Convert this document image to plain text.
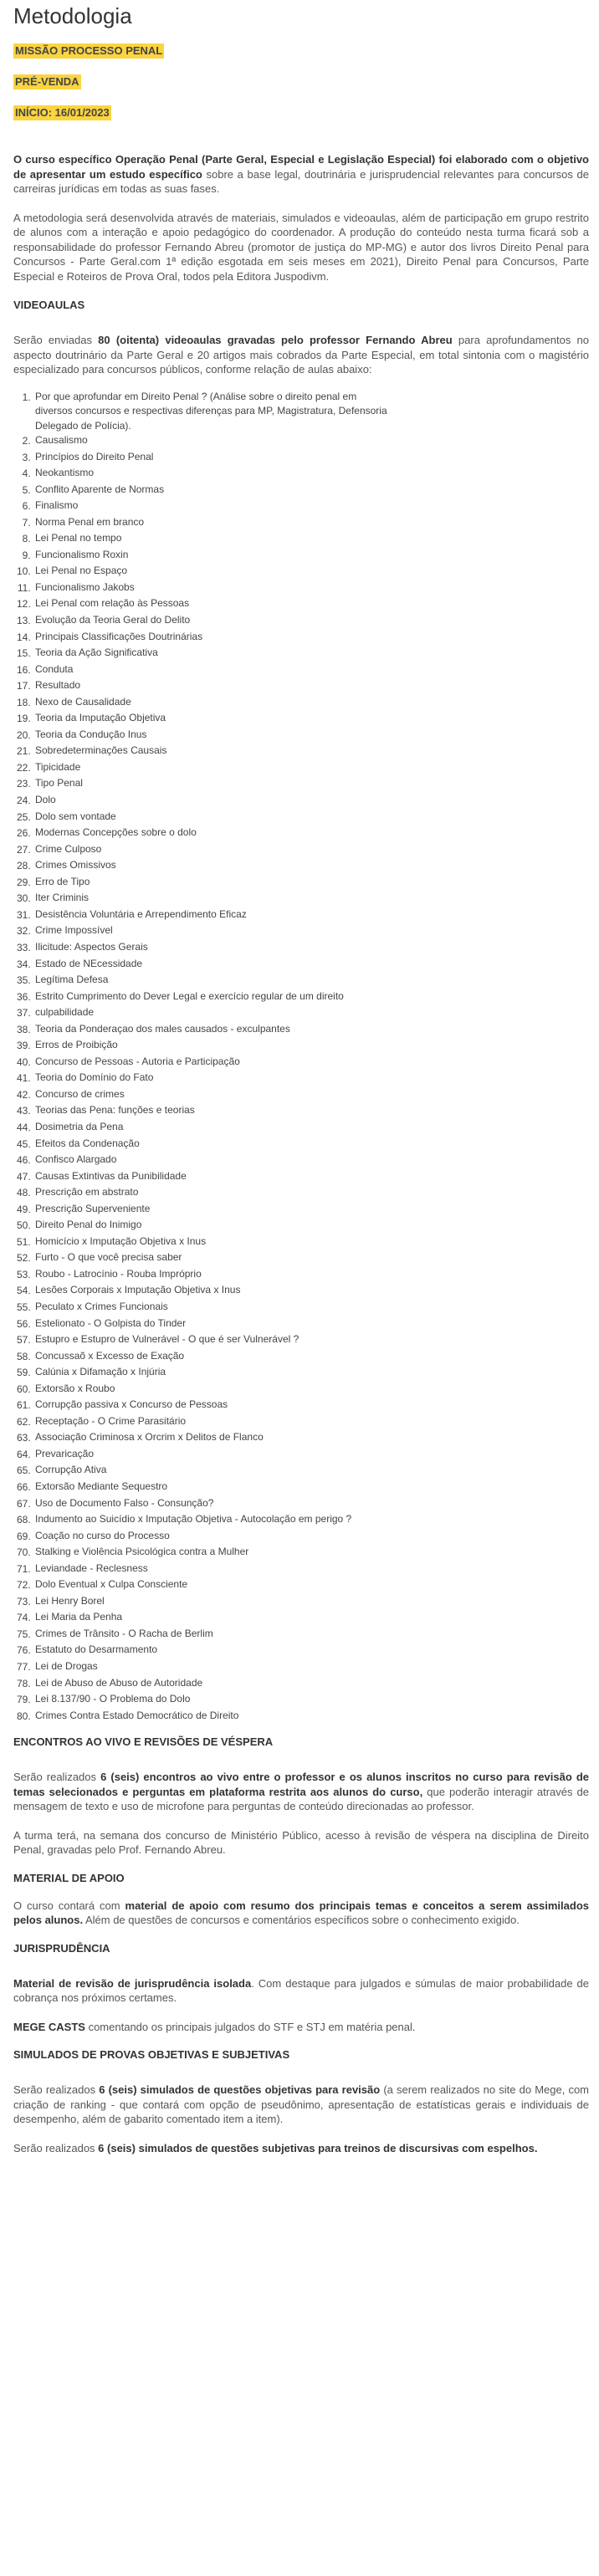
Metodologia
MISSÃO PROCESSO PENAL
PRÉ-VENDA
INÍCIO: 16/01/2023

O curso específico Operação Penal (Parte Geral, Especial e Legislação Especial) foi elaborado com o objetivo de apresentar um estudo específico sobre a base legal, doutrinária e jurisprudencial relevantes para concursos de carreiras jurídicas em todas as suas fases.

A metodologia será desenvolvida através de materiais, simulados e videoaulas, além de participação em grupo restrito de alunos com a interação e apoio pedagógico do coordenador. A produção do conteúdo nesta turma ficará sob a responsabilidade do professor Fernando Abreu (promotor de justiça do MP-MG) e autor dos livros Direito Penal para Concursos - Parte Geral.com 1ª edição esgotada em seis meses em 2021), Direito Penal para Concursos, Parte Especial e Roteiros de Prova Oral, todos pela Editora Juspodivm.

VIDEOAULAS

Serão enviadas 80 (oitenta) videoaulas gravadas pelo professor Fernando Abreu para aprofundamentos no aspecto doutrinário da Parte Geral e 20 artigos mais cobrados da Parte Especial, em total sintonia com o magistério especializado para concursos públicos, conforme relação de aulas abaixo:

1. Por que aprofundar em Direito Penal ? (Análise sobre o direito penal em diversos concursos e respectivas diferenças para MP, Magistratura, Defensoria Delegado de Polícia).
2. Causalismo
3. Princípios do Direito Penal
4. Neokantismo
5. Conflito Aparente de Normas
6. Finalismo
7. Norma Penal em branco
8. Lei Penal no tempo
9. Funcionalismo Roxin
10. Lei Penal no Espaço
11. Funcionalismo Jakobs
12. Lei Penal com relação às Pessoas
13. Evolução da Teoria Geral do Delito
14. Principais Classificações Doutrinárias
15. Teoria da Ação Significativa
16. Conduta
17. Resultado
18. Nexo de Causalidade
19. Teoria da Imputação Objetiva
20. Teoria da Condução Inus
21. Sobredeterminações Causais
22. Tipicidade
23. Tipo Penal
24. Dolo
25. Dolo sem vontade
26. Modernas Concepções sobre o dolo
27. Crime Culposo
28. Crimes Omissivos
29. Erro de Tipo
30. Iter Criminis
31. Desistência Voluntária e Arrependimento Eficaz
32. Crime Impossível
33. Ilicitude: Aspectos Gerais
34. Estado de NEcessidade
35. Legítima Defesa
36. Estrito Cumprimento do Dever Legal e exercício regular de um direito
37. culpabilidade
38. Teoria da Ponderaçao dos males causados - exculpantes
39. Erros de Proibição
40. Concurso de Pessoas - Autoria e Participação
41. Teoria do Domínio do Fato
42. Concurso de crimes
43. Teorias das Pena: funções e teorias
44. Dosimetria da Pena
45. Efeitos da Condenação
46. Confisco Alargado
47. Causas Extintivas da Punibilidade
48. Prescrição em abstrato
49. Prescrição Superveniente
50. Direito Penal do Inimigo
51. Homicício x Imputação Objetiva x Inus
52. Furto - O que você precisa saber
53. Roubo - Latrocínio - Rouba Impróprio
54. Lesões Corporais x Imputação Objetiva x Inus
55. Peculato x Crimes Funcionais
56. Estelionato - O Golpista do Tinder
57. Estupro e Estupro de Vulnerável - O que é ser Vulnerável ?
58. Concussaõ x Excesso de Exação
59. Calúnia x Difamação x Injúria
60. Extorsão x Roubo
61. Corrupção passiva x Concurso de Pessoas
62. Receptação - O Crime Parasitário
63. Associação Criminosa x Orcrim x Delitos de Flanco
64. Prevaricação
65. Corrupção Ativa
66. Extorsão Mediante Sequestro
67. Uso de Documento Falso - Consunção?
68. Indumento ao Suicídio x Imputação Objetiva - Autocolação em perigo ?
69. Coação no curso do Processo
70. Stalking e Violência Psicológica contra a Mulher
71. Leviandade - Reclesness
72. Dolo Eventual x Culpa Consciente
73. Lei Henry Borel
74. Lei Maria da Penha
75. Crimes de Trânsito - O Racha de Berlim
76. Estatuto do Desarmamento
77. Lei de Drogas
78. Lei de Abuso de Abuso de Autoridade
79. Lei 8.137/90 - O Problema do Dolo
80. Crimes Contra Estado Democrático de Direito
ENCONTROS AO VIVO E REVISÕES DE VÉSPERA

Serão realizados 6 (seis) encontros ao vivo entre o professor e os alunos inscritos no curso para revisão de temas selecionados e perguntas em plataforma restrita aos alunos do curso, que poderão interagir através de mensagem de texto e uso de microfone para perguntas de conteúdo direcionadas ao professor.

A turma terá, na semana dos concurso de Ministério Público, acesso à revisão de véspera na disciplina de Direito Penal, gravadas pelo Prof. Fernando Abreu.

MATERIAL DE APOIO

O curso contará com material de apoio com resumo dos principais temas e conceitos a serem assimilados pelos alunos. Além de questões de concursos e comentários específicos sobre o conhecimento exigido.

JURISPRUDÊNCIA

Material de revisão de jurisprudência isolada. Com destaque para julgados e súmulas de maior probabilidade de cobrança nos próximos certames.

MEGE CASTS comentando os principais julgados do STF e STJ em matéria penal.

SIMULADOS DE PROVAS OBJETIVAS E SUBJETIVAS

Serão realizados 6 (seis) simulados de questões objetivas para revisão (a serem realizados no site do Mege, com criação de ranking - que contará com opção de pseudônimo, apresentação de estatísticas gerais e individuais de desempenho, além de gabarito comentado item a item).

Serão realizados 6 (seis) simulados de questões subjetivas para treinos de discursivas com espelhos.
